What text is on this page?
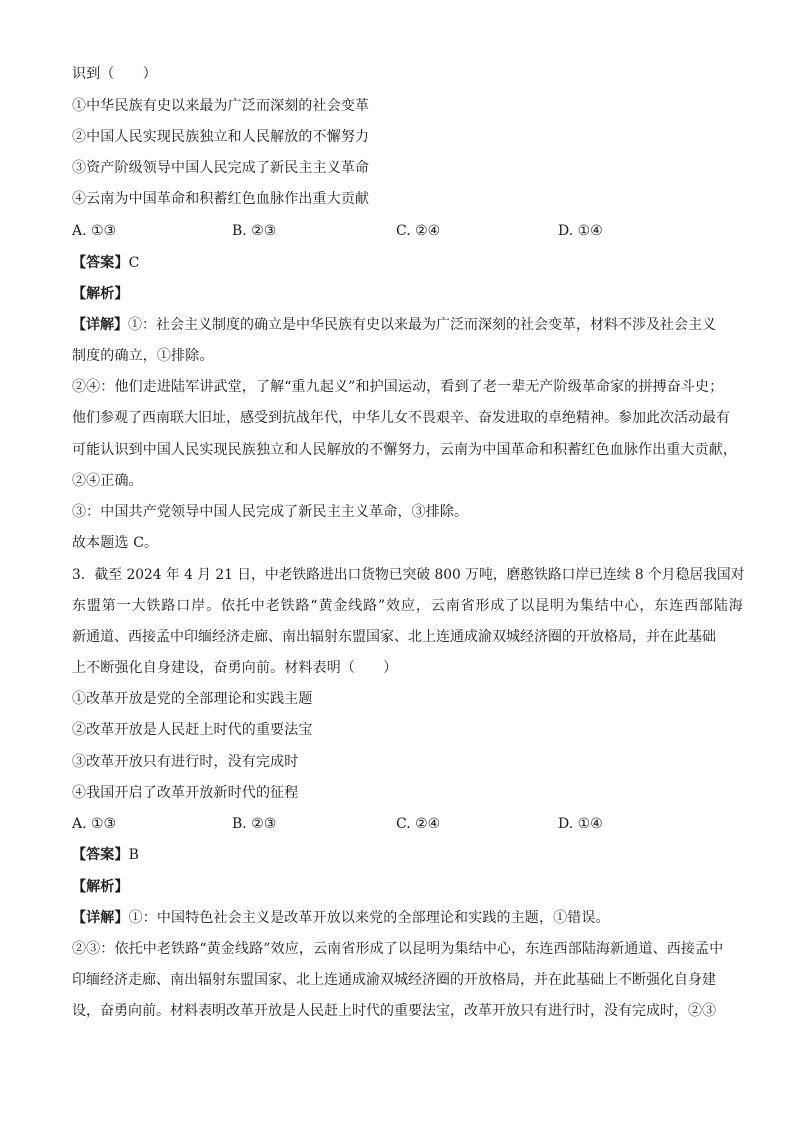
识到（　　）
①中华民族有史以来最为广泛而深刻的社会变革
②中国人民实现民族独立和人民解放的不懈努力
③资产阶级领导中国人民完成了新民主主义革命
④云南为中国革命和积蓄红色血脉作出重大贡献
A. ①③	B. ②③	C. ②④	D. ①④
【答案】C
【解析】
【详解】①：社会主义制度的确立是中华民族有史以来最为广泛而深刻的社会变革，材料不涉及社会主义
制度的确立，①排除。
②④：他们走进陆军讲武堂，了解“重九起义”和护国运动，看到了老一辈无产阶级革命家的拼搏奋斗史；
他们参观了西南联大旧址，感受到抗战年代，中华儿女不畏艰辛、奋发进取的卓绝精神。参加此次活动最有
可能认识到中国人民实现民族独立和人民解放的不懈努力，云南为中国革命和积蓄红色血脉作出重大贡献，
②④正确。
③：中国共产党领导中国人民完成了新民主主义革命，③排除。
故本题选 C。
3．截至 2024 年 4 月 21 日，中老铁路进出口货物已突破 800 万吨，磨憨铁路口岸已连续 8 个月稳居我国对
东盟第一大铁路口岸。依托中老铁路“黄金线路”效应，云南省形成了以昆明为集结中心，东连西部陆海
新通道、西接孟中印缅经济走廊、南出辐射东盟国家、北上连通成渝双城经济圈的开放格局，并在此基础
上不断强化自身建设，奋勇向前。材料表明（　　）
①改革开放是党的全部理论和实践主题
②改革开放是人民赶上时代的重要法宝
③改革开放只有进行时，没有完成时
④我国开启了改革开放新时代的征程
A. ①③	B. ②③	C. ②④	D. ①④
【答案】B
【解析】
【详解】①：中国特色社会主义是改革开放以来党的全部理论和实践的主题，①错误。
②③：依托中老铁路“黄金线路”效应，云南省形成了以昆明为集结中心，东连西部陆海新通道、西接孟中
印缅经济走廊、南出辐射东盟国家、北上连通成渝双城经济圈的开放格局，并在此基础上不断强化自身建
设，奋勇向前。材料表明改革开放是人民赶上时代的重要法宝，改革开放只有进行时，没有完成时，②③
